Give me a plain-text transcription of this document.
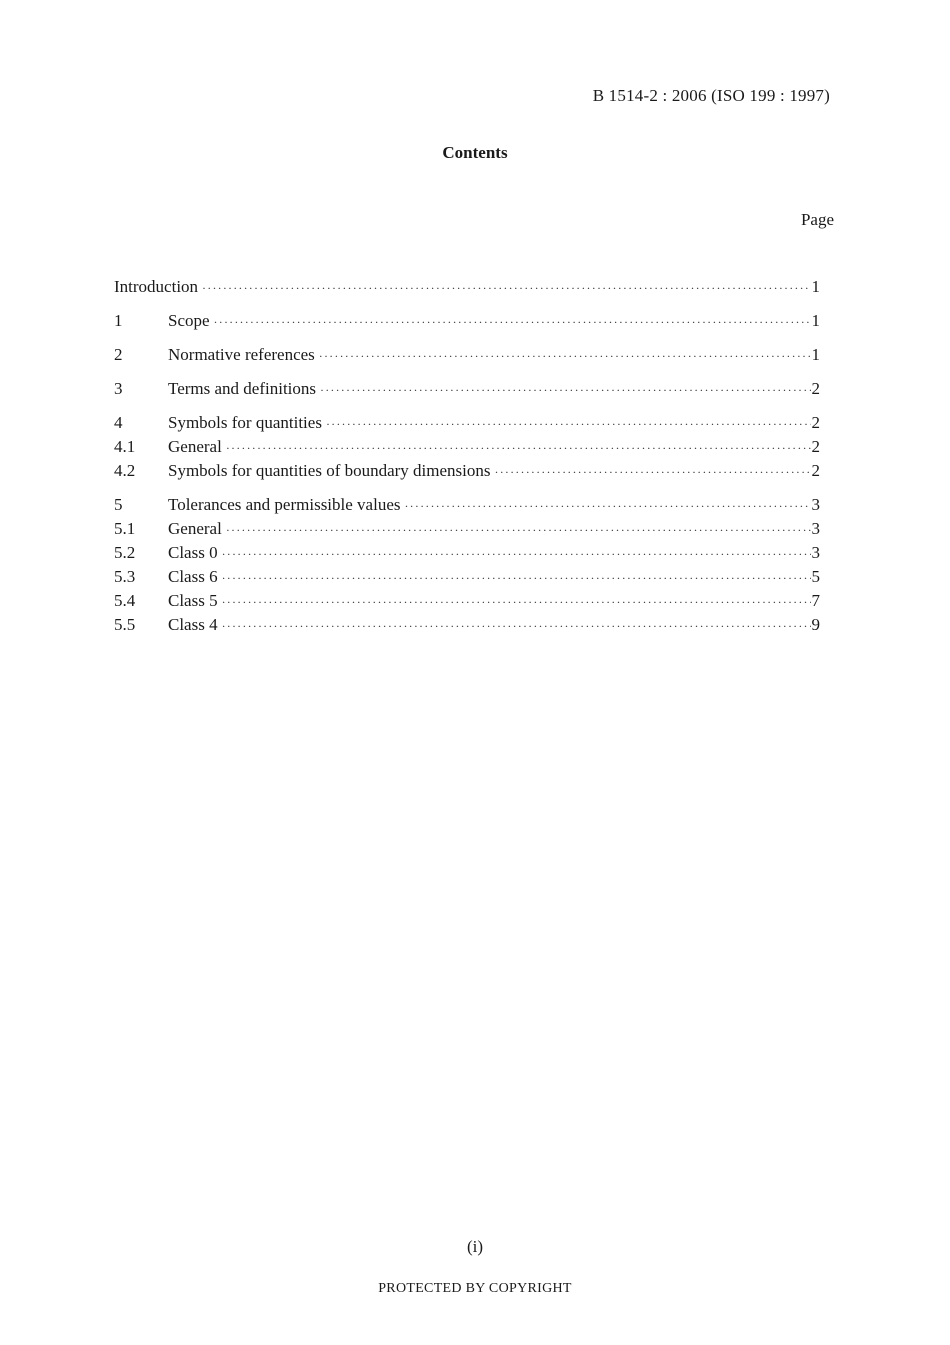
B 1514-2 : 2006 (ISO 199 : 1997)
Contents
Page
Introduction ·····	1
1	Scope ·····	1
2	Normative references ·····	1
3	Terms and definitions ·····	2
4	Symbols for quantities ·····	2
4.1	General ·····	2
4.2	Symbols for quantities of boundary dimensions ·····	2
5	Tolerances and permissible values ·····	3
5.1	General ·····	3
5.2	Class 0 ·····	3
5.3	Class 6 ·····	5
5.4	Class 5 ·····	7
5.5	Class 4 ·····	9
(i)
PROTECTED BY COPYRIGHT
